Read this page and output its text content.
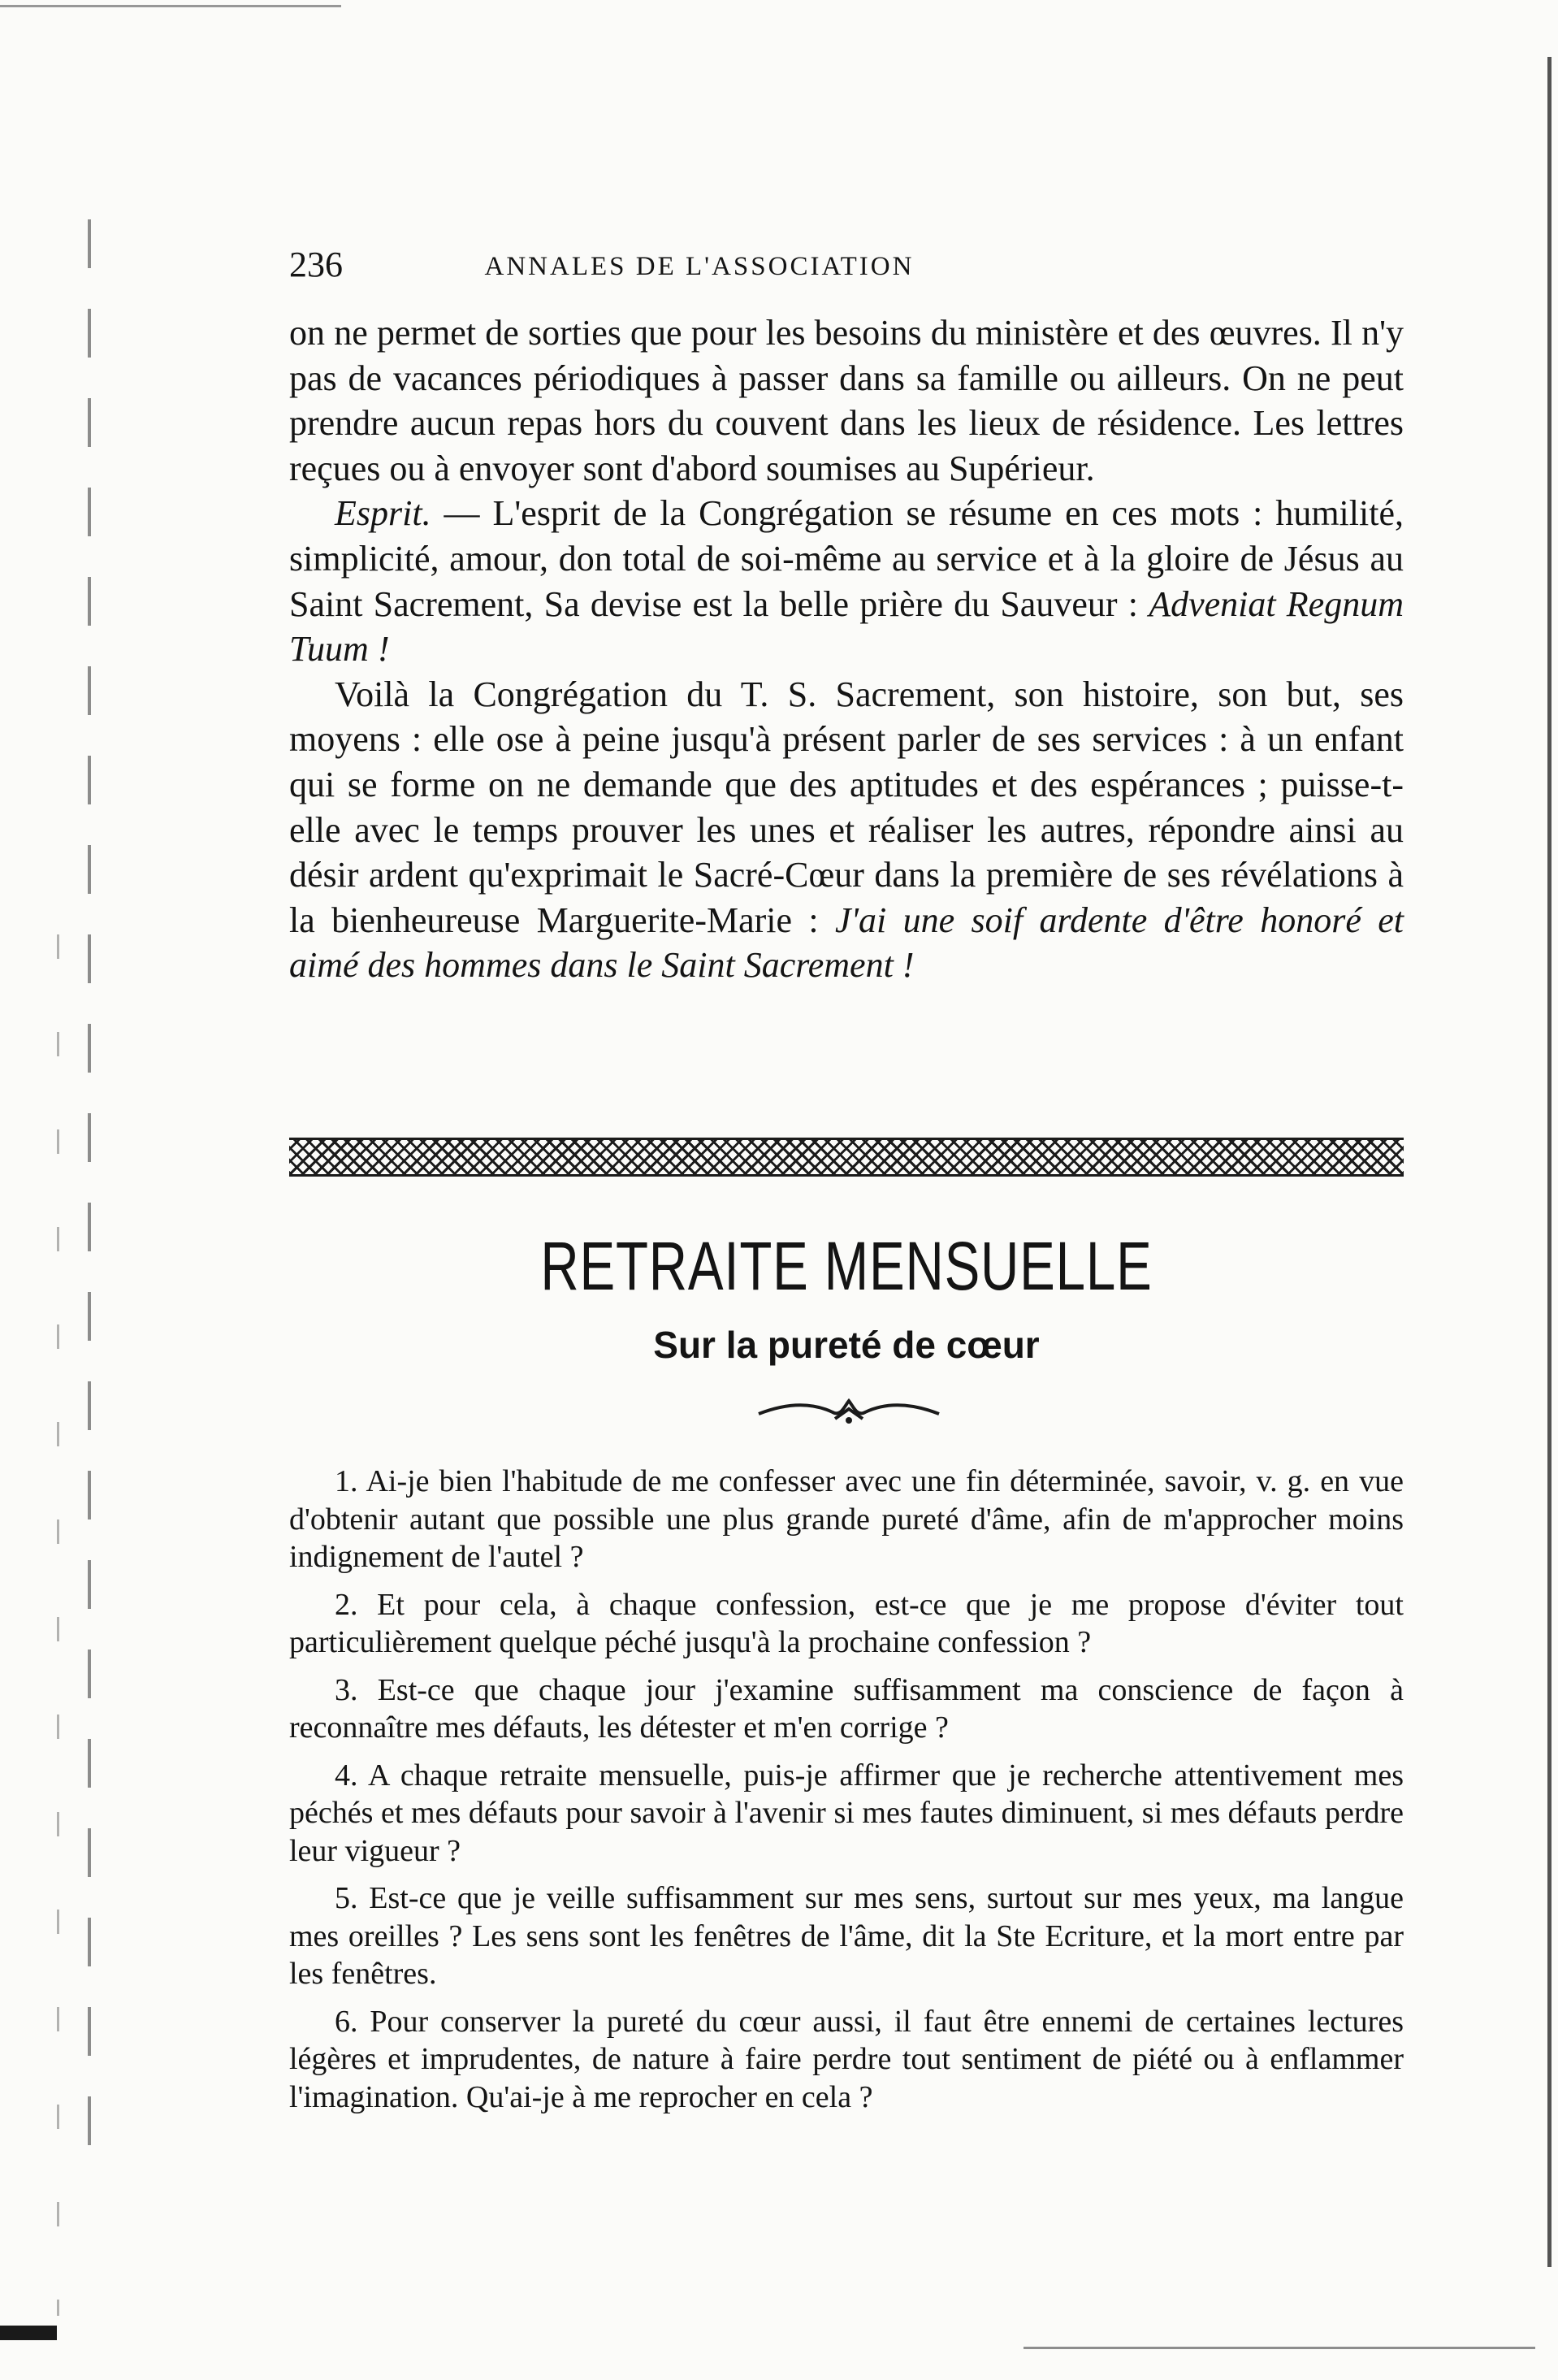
236	ANNALES DE L'ASSOCIATION

on ne permet de sorties que pour les besoins du ministère et des œuvres. Il n'y pas de vacances périodiques à passer dans sa famille ou ailleurs. On ne peut prendre aucun repas hors du couvent dans les lieux de résidence. Les lettres reçues ou à envoyer sont d'abord soumises au Supérieur.

Esprit. — L'esprit de la Congrégation se résume en ces mots : humilité, simplicité, amour, don total de soi-même au service et à la gloire de Jésus au Saint Sacrement, Sa devise est la belle prière du Sauveur : Adveniat Regnum Tuum !

Voilà la Congrégation du T. S. Sacrement, son histoire, son but, ses moyens : elle ose à peine jusqu'à présent parler de ses services : à un enfant qui se forme on ne demande que des aptitudes et des espérances ; puisse-t-elle avec le temps prouver les unes et réaliser les autres, répondre ainsi au désir ardent qu'exprimait le Sacré-Cœur dans la première de ses révélations à la bienheureuse Marguerite-Marie : J'ai une soif ardente d'être honoré et aimé des hommes dans le Saint Sacrement !

RETRAITE MENSUELLE
Sur la pureté de cœur

1. Ai-je bien l'habitude de me confesser avec une fin déterminée, savoir, v. g. en vue d'obtenir autant que possible une plus grande pureté d'âme, afin de m'approcher moins indignement de l'autel ?

2. Et pour cela, à chaque confession, est-ce que je me propose d'éviter tout particulièrement quelque péché jusqu'à la prochaine confession ?

3. Est-ce que chaque jour j'examine suffisamment ma conscience de façon à reconnaître mes défauts, les détester et m'en corrige ?

4. A chaque retraite mensuelle, puis-je affirmer que je recherche attentivement mes péchés et mes défauts pour savoir à l'avenir si mes fautes diminuent, si mes défauts perdre leur vigueur ?

5. Est-ce que je veille suffisamment sur mes sens, surtout sur mes yeux, ma langue mes oreilles ? Les sens sont les fenêtres de l'âme, dit la Ste Ecriture, et la mort entre par les fenêtres.

6. Pour conserver la pureté du cœur aussi, il faut être ennemi de certaines lectures légères et imprudentes, de nature à faire perdre tout sentiment de piété ou à enflammer l'imagination. Qu'ai-je à me reprocher en cela ?
